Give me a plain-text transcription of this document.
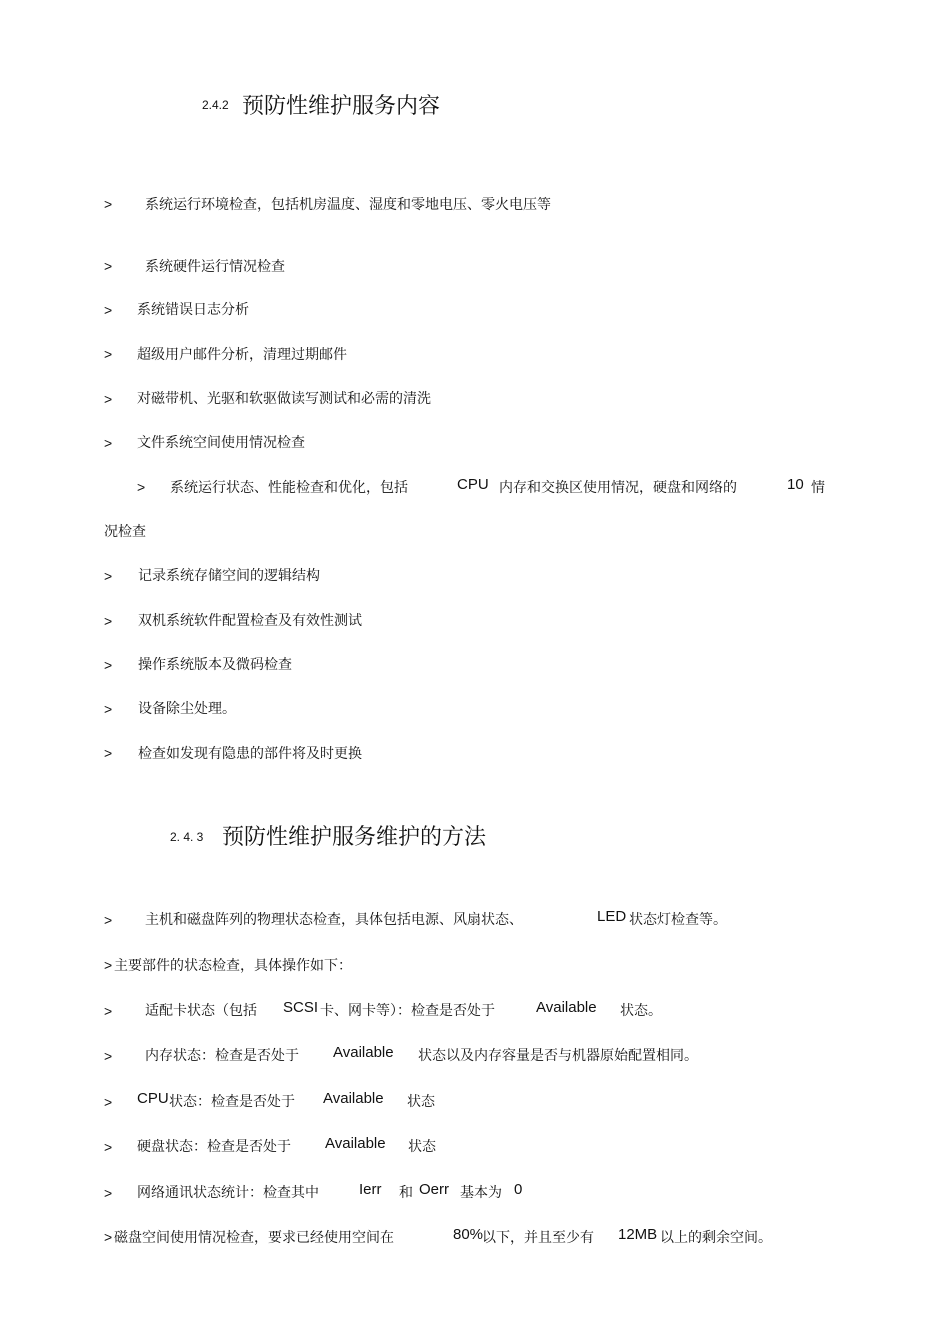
2.4.2 预防性维护服务内容
> 系统运行环境检查，包括机房温度、湿度和零地电压、零火电压等
> 系统硬件运行情况检查
> 系统错误日志分析
> 超级用户邮件分析，清理过期邮件
> 对磁带机、光驱和软驱做读写测试和必需的清洗
> 文件系统空间使用情况检查
> 系统运行状态、性能检查和优化，包括	CPU 内存和交换区使用情况，硬盘和网络的	10 情
况检查
> 记录系统存储空间的逻辑结构
> 双机系统软件配置检查及有效性测试
> 操作系统版本及微码检查
> 设备除尘处理。
> 检查如发现有隐患的部件将及时更换
2. 4. 3 预防性维护服务维护的方法
> 主机和磁盘阵列的物理状态检查，具体包括电源、风扇状态、	LED 状态灯检查等。
> 主要部件的状态检查，具体操作如下：
> 适配卡状态（包括 SCSI 卡、网卡等）：检查是否处于	Available 状态。
> 内存状态：检查是否处于 Available 状态以及内存容量是否与机器原始配置相同。
> CPU 状态：检查是否处于 Available 状态
> 硬盘状态：检查是否处于 Available 状态
> 网络通讯状态统计：检查其中	Ierr 和 Oerr 基本为 0
> 磁盘空间使用情况检查，要求已经使用空间在	80%
以下，并且至少有 12MB 以上的剩余空间。
